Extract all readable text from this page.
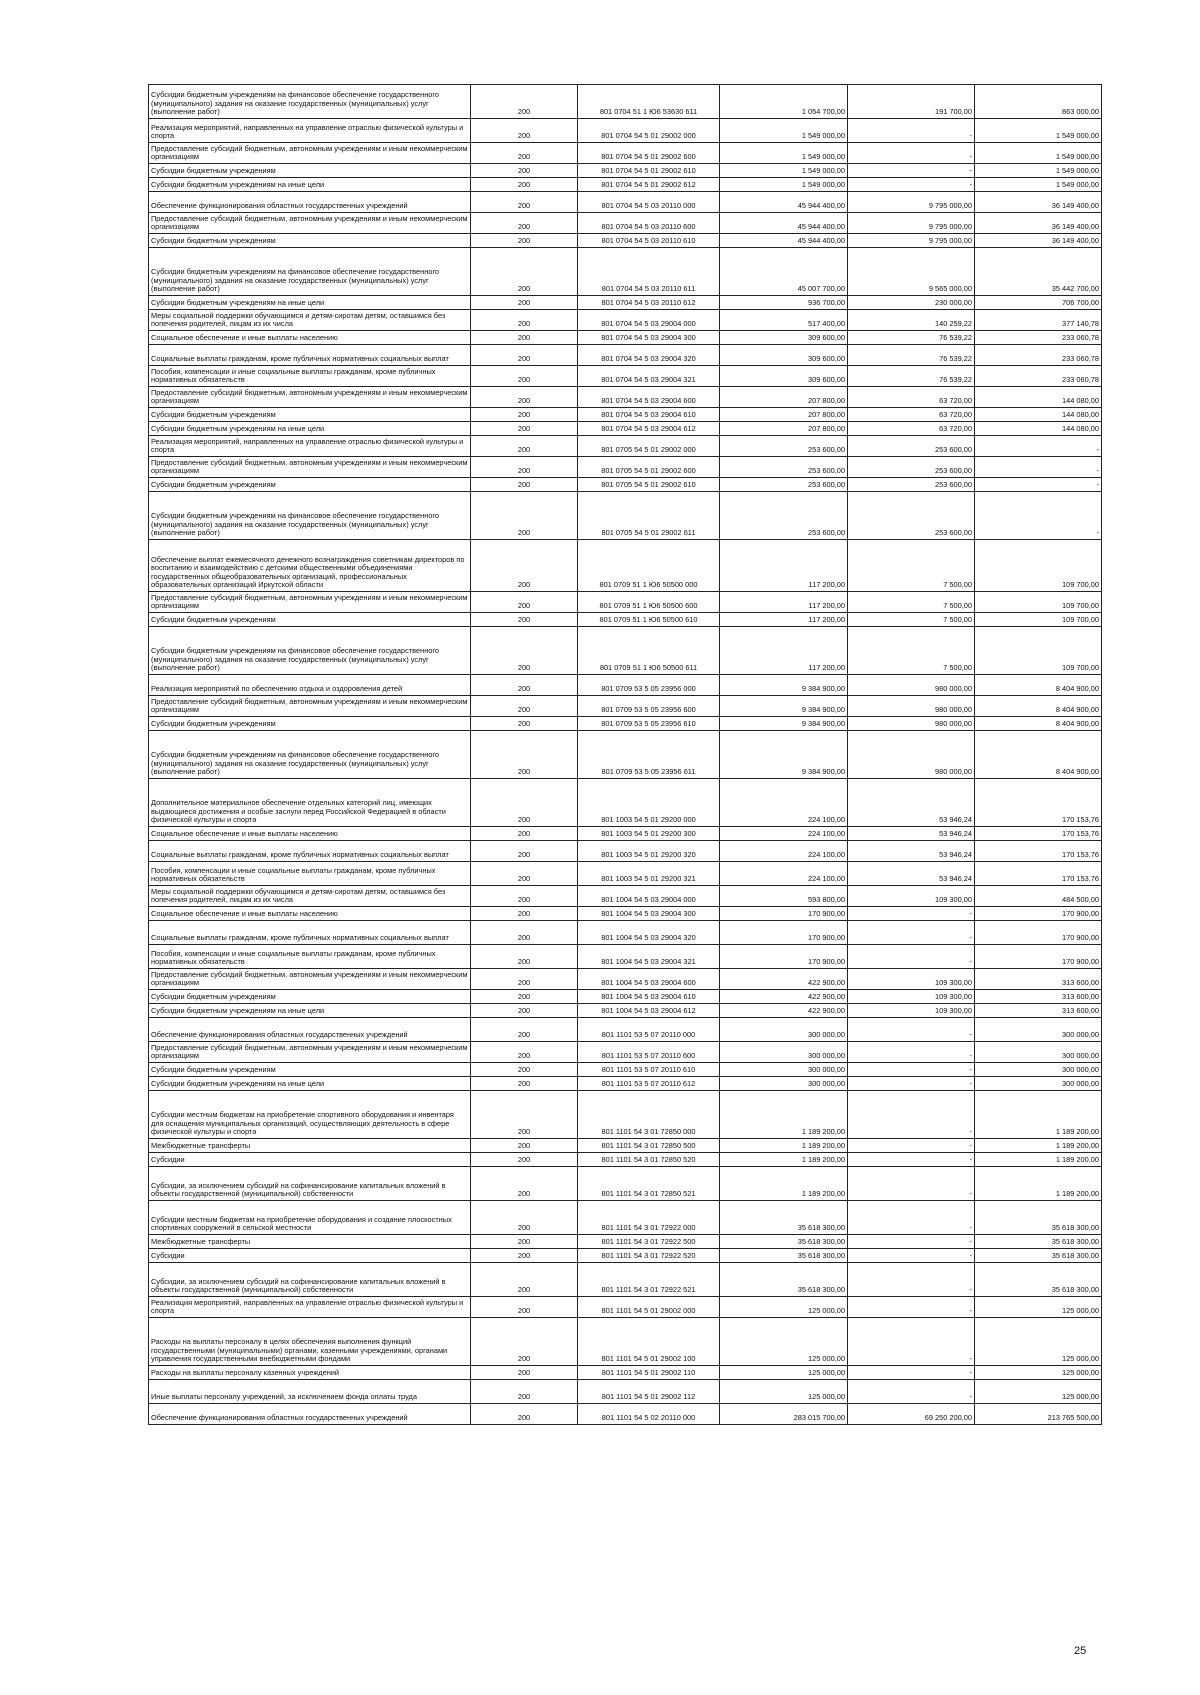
Субсидии бюджетным учреждениям на финансовое обеспечение государственного (муниципального) задания на оказание государственных (муниципальных) услуг (выполнение работ)	200	801 0704 51 1 Ю6 53630 611	1 054 700,00	191 700,00	863 000,00
Реализация мероприятий, направленных на управление отраслью физической культуры и спорта	200	801 0704 54 5 01 29002 000	1 549 000,00	-	1 549 000,00
Предоставление субсидий бюджетным, автономным учреждениям и иным некоммерческим организациям	200	801 0704 54 5 01 29002 600	1 549 000,00	-	1 549 000,00
Субсидии бюджетным учреждениям	200	801 0704 54 5 01 29002 610	1 549 000,00	-	1 549 000,00
Субсидии бюджетным учреждениям на иные цели	200	801 0704 54 5 01 29002 612	1 549 000,00	-	1 549 000,00
Обеспечение функционирования областных государственных учреждений	200	801 0704 54 5 03 20110 000	45 944 400,00	9 795 000,00	36 149 400,00
Предоставление субсидий бюджетным, автономным учреждениям и иным некоммерческим организациям	200	801 0704 54 5 03 20110 600	45 944 400,00	9 795 000,00	36 149 400,00
Субсидии бюджетным учреждениям	200	801 0704 54 5 03 20110 610	45 944 400,00	9 795 000,00	36 149 400,00
Субсидии бюджетным учреждениям на финансовое обеспечение государственного (муниципального) задания на оказание государственных (муниципальных) услуг (выполнение работ)	200	801 0704 54 5 03 20110 611	45 007 700,00	9 565 000,00	35 442 700,00
Субсидии бюджетным учреждениям на иные цели	200	801 0704 54 5 03 20110 612	936 700,00	230 000,00	706 700,00
Меры социальной поддержки обучающимся и детям-сиротам детям, оставшимся без попечения родителей, лицам из их числа	200	801 0704 54 5 03 29004 000	517 400,00	140 259,22	377 140,78
Социальное обеспечение и иные выплаты населению	200	801 0704 54 5 03 29004 300	309 600,00	76 539,22	233 060,78
Социальные выплаты гражданам, кроме публичных нормативных социальных выплат	200	801 0704 54 5 03 29004 320	309 600,00	76 539,22	233 060,78
Пособия, компенсации и иные социальные выплаты гражданам, кроме публичных нормативных обязательств	200	801 0704 54 5 03 29004 321	309 600,00	76 539,22	233 060,78
Предоставление субсидий бюджетным, автономным учреждениям и иным некоммерческим организациям	200	801 0704 54 5 03 29004 600	207 800,00	63 720,00	144 080,00
Субсидии бюджетным учреждениям	200	801 0704 54 5 03 29004 610	207 800,00	63 720,00	144 080,00
Субсидии бюджетным учреждениям на иные цели	200	801 0704 54 5 03 29004 612	207 800,00	63 720,00	144 080,00
Реализация мероприятий, направленных на управление отраслью физической культуры и спорта	200	801 0705 54 5 01 29002 000	253 600,00	253 600,00	-
Предоставление субсидий бюджетным, автономным учреждениям и иным некоммерческим организациям	200	801 0705 54 5 01 29002 600	253 600,00	253 600,00	-
Субсидии бюджетным учреждениям	200	801 0705 54 5 01 29002 610	253 600,00	253 600,00	-
Субсидии бюджетным учреждениям на финансовое обеспечение государственного (муниципального) задания на оказание государственных (муниципальных) услуг (выполнение работ)	200	801 0705 54 5 01 29002 611	253 600,00	253 600,00	-
Обеспечение выплат ежемесячного денежного вознаграждения советникам директоров по воспитанию и взаимодействию с детскими общественными объединениями государственных общеобразовательных организаций, профессиональных образовательных организаций Иркутской области	200	801 0709 51 1 Ю6 50500 000	117 200,00	7 500,00	109 700,00
Предоставление субсидий бюджетным, автономным учреждениям и иным некоммерческим организациям	200	801 0709 51 1 Ю6 50500 600	117 200,00	7 500,00	109 700,00
Субсидии бюджетным учреждениям	200	801 0709 51 1 Ю6 50500 610	117 200,00	7 500,00	109 700,00
Субсидии бюджетным учреждениям на финансовое обеспечение государственного (муниципального) задания на оказание государственных (муниципальных) услуг (выполнение работ)	200	801 0709 51 1 Ю6 50500 611	117 200,00	7 500,00	109 700,00
Реализация мероприятий по обеспечению отдыха и оздоровления детей	200	801 0709 53 5 05 23956 000	9 384 900,00	980 000,00	8 404 900,00
Предоставление субсидий бюджетным, автономным учреждениям и иным некоммерческим организациям	200	801 0709 53 5 05 23956 600	9 384 900,00	980 000,00	8 404 900,00
Субсидии бюджетным учреждениям	200	801 0709 53 5 05 23956 610	9 384 900,00	980 000,00	8 404 900,00
Субсидии бюджетным учреждениям на финансовое обеспечение государственного (муниципального) задания на оказание государственных (муниципальных) услуг (выполнение работ)	200	801 0709 53 5 05 23956 611	9 384 900,00	980 000,00	8 404 900,00
Дополнительное материальное обеспечение отдельных категорий лиц, имеющих выдающиеся достижения и особые заслуги перед Российской Федерацией в области физической культуры и спорта	200	801 1003 54 5 01 29200 000	224 100,00	53 946,24	170 153,76
Социальное обеспечение и иные выплаты населению	200	801 1003 54 5 01 29200 300	224 100,00	53 946,24	170 153,76
Социальные выплаты гражданам, кроме публичных нормативных социальных выплат	200	801 1003 54 5 01 29200 320	224 100,00	53 946,24	170 153,76
Пособия, компенсации и иные социальные выплаты гражданам, кроме публичных нормативных обязательств	200	801 1003 54 5 01 29200 321	224 100,00	53 946,24	170 153,76
Меры социальной поддержки обучающимся и детям-сиротам детям, оставшимся без попечения родителей, лицам из их числа	200	801 1004 54 5 03 29004 000	593 800,00	109 300,00	484 500,00
Социальное обеспечение и иные выплаты населению	200	801 1004 54 5 03 29004 300	170 900,00	-	170 900,00
Социальные выплаты гражданам, кроме публичных нормативных социальных выплат	200	801 1004 54 5 03 29004 320	170 900,00	-	170 900,00
Пособия, компенсации и иные социальные выплаты гражданам, кроме публичных нормативных обязательств	200	801 1004 54 5 03 29004 321	170 900,00	-	170 900,00
Предоставление субсидий бюджетным, автономным учреждениям и иным некоммерческим организациям	200	801 1004 54 5 03 29004 600	422 900,00	109 300,00	313 600,00
Субсидии бюджетным учреждениям	200	801 1004 54 5 03 29004 610	422 900,00	109 300,00	313 600,00
Субсидии бюджетным учреждениям на иные цели	200	801 1004 54 5 03 29004 612	422 900,00	109 300,00	313 600,00
Обеспечение функционирования областных государственных учреждений	200	801 1101 53 5 07 20110 000	300 000,00	-	300 000,00
Предоставление субсидий бюджетным, автономным учреждениям и иным некоммерческим организациям	200	801 1101 53 5 07 20110 600	300 000,00	-	300 000,00
Субсидии бюджетным учреждениям	200	801 1101 53 5 07 20110 610	300 000,00	-	300 000,00
Субсидии бюджетным учреждениям на иные цели	200	801 1101 53 5 07 20110 612	300 000,00	-	300 000,00
Субсидии местным бюджетам на приобретение спортивного оборудования и инвентаря для оснащения муниципальных организаций, осуществляющих деятельность в сфере физической культуры и спорта	200	801 1101 54 3 01 72850 000	1 189 200,00	-	1 189 200,00
Межбюджетные трансферты	200	801 1101 54 3 01 72850 500	1 189 200,00	-	1 189 200,00
Субсидии	200	801 1101 54 3 01 72850 520	1 189 200,00	-	1 189 200,00
Субсидии, за исключением субсидий на софинансирование капитальных вложений в объекты государственной (муниципальной) собственности	200	801 1101 54 3 01 72850 521	1 189 200,00	-	1 189 200,00
Субсидии местным бюджетам на приобретение оборудования и создание плоскостных спортивных сооружений в сельской местности	200	801 1101 54 3 01 72922 000	35 618 300,00	-	35 618 300,00
Межбюджетные трансферты	200	801 1101 54 3 01 72922 500	35 618 300,00	-	35 618 300,00
Субсидии	200	801 1101 54 3 01 72922 520	35 618 300,00	-	35 618 300,00
Субсидии, за исключением субсидий на софинансирование капитальных вложений в объекты государственной (муниципальной) собственности	200	801 1101 54 3 01 72922 521	35 618 300,00	-	35 618 300,00
Реализация мероприятий, направленных на управление отраслью физической культуры и спорта	200	801 1101 54 5 01 29002 000	125 000,00	-	125 000,00
Расходы на выплаты персоналу в целях обеспечения выполнения функций государственными (муниципальными) органами, казенными учреждениями, органами управления государственными внебюджетными фондами	200	801 1101 54 5 01 29002 100	125 000,00	-	125 000,00
Расходы на выплаты персоналу казенных учреждений	200	801 1101 54 5 01 29002 110	125 000,00	-	125 000,00
Иные выплаты персоналу учреждений, за исключением фонда оплаты труда	200	801 1101 54 5 01 29002 112	125 000,00	-	125 000,00
Обеспечение функционирования областных государственных учреждений	200	801 1101 54 5 02 20110 000	283 015 700,00	69 250 200,00	213 765 500,00
25
